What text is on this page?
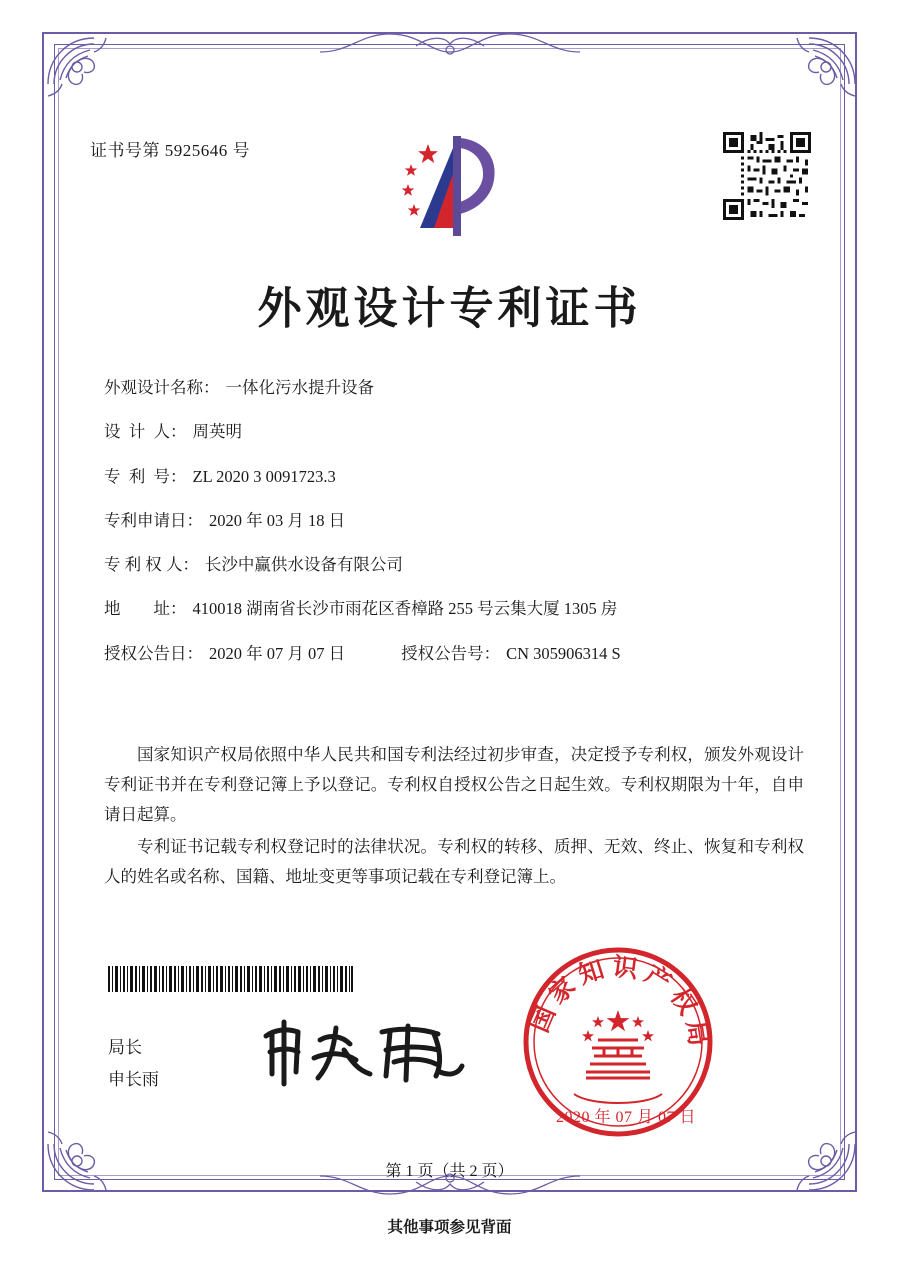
证书号第 5925646 号
外观设计专利证书
外观设计名称： 一体化污水提升设备
设  计  人： 周英明
专  利  号： ZL 2020 3 0091723.3
专利申请日： 2020 年 03 月 18 日
专 利 权 人： 长沙中赢供水设备有限公司
地        址： 410018 湖南省长沙市雨花区香樟路 255 号云集大厦 1305 房
授权公告日： 2020 年 07 月 07 日	授权公告号： CN 305906314 S

国家知识产权局依照中华人民共和国专利法经过初步审查，决定授予专利权，颁发外观设计专利证书并在专利登记簿上予以登记。专利权自授权公告之日起生效。专利权期限为十年，自申请日起算。

专利证书记载专利权登记时的法律状况。专利权的转移、质押、无效、终止、恢复和专利权人的姓名或名称、国籍、地址变更等事项记载在专利登记簿上。

局长
申长雨
国家知识产权局
2020 年 07 月 07 日
第 1 页（共 2 页）
其他事项参见背面
